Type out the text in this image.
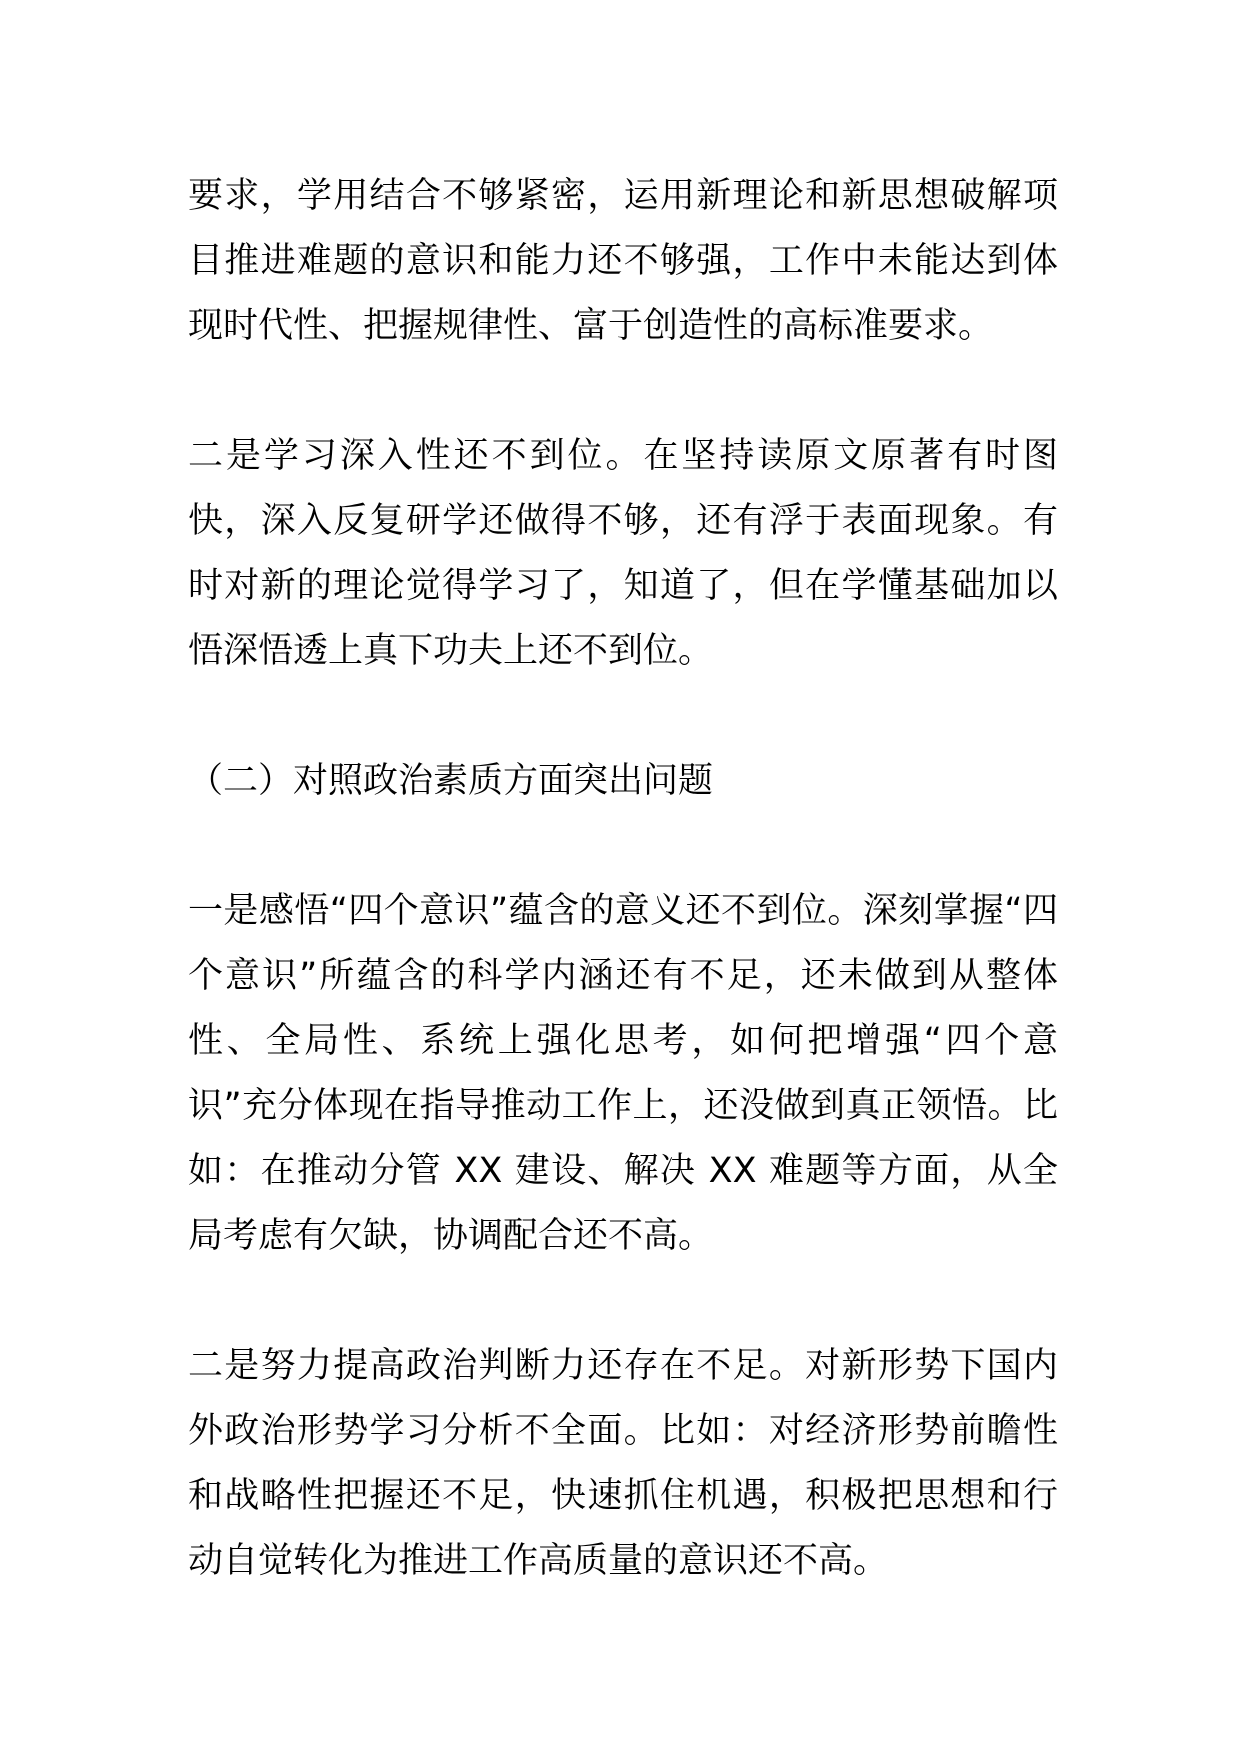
要求，学用结合不够紧密，运用新理论和新思想破解项目推进难题的意识和能力还不够强，工作中未能达到体现时代性、把握规律性、富于创造性的高标准要求。

二是学习深入性还不到位。在坚持读原文原著有时图快，深入反复研学还做得不够，还有浮于表面现象。有时对新的理论觉得学习了，知道了，但在学懂基础加以悟深悟透上真下功夫上还不到位。

（二）对照政治素质方面突出问题

一是感悟“四个意识”蕴含的意义还不到位。深刻掌握“四个意识”所蕴含的科学内涵还有不足，还未做到从整体性、全局性、系统上强化思考，如何把增强“四个意识”充分体现在指导推动工作上，还没做到真正领悟。比如：在推动分管 XX 建设、解决 XX 难题等方面，从全局考虑有欠缺，协调配合还不高。

二是努力提高政治判断力还存在不足。对新形势下国内外政治形势学习分析不全面。比如：对经济形势前瞻性和战略性把握还不足，快速抓住机遇，积极把思想和行动自觉转化为推进工作高质量的意识还不高。
